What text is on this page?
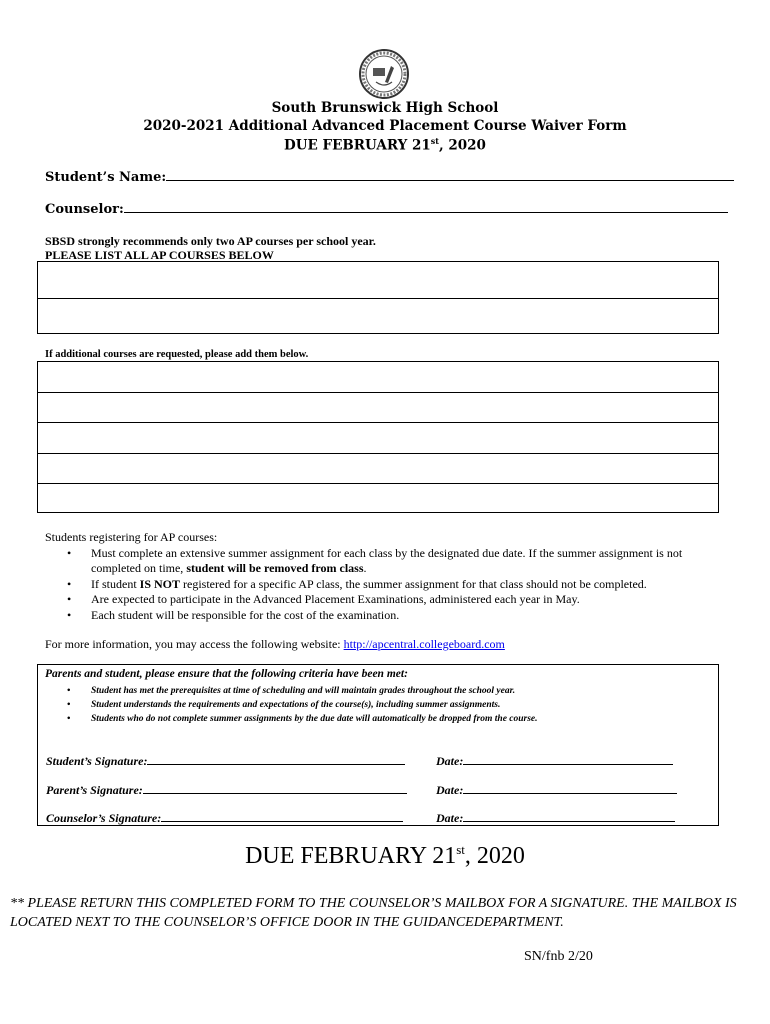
South Brunswick High School
2020-2021 Additional Advanced Placement Course Waiver Form
DUE FEBRUARY 21st, 2020
Student’s Name:
Counselor:
SBSD strongly recommends only two AP courses per school year.
PLEASE LIST ALL AP COURSES BELOW
If additional courses are requested, please add them below.
Students registering for AP courses:
• Must complete an extensive summer assignment for each class by the designated due date. If the summer assignment is not completed on time, student will be removed from class.
• If student IS NOT registered for a specific AP class, the summer assignment for that class should not be completed.
• Are expected to participate in the Advanced Placement Examinations, administered each year in May.
• Each student will be responsible for the cost of the examination.
For more information, you may access the following website: http://apcentral.collegeboard.com
Parents and student, please ensure that the following criteria have been met:
• Student has met the prerequisites at time of scheduling and will maintain grades throughout the school year.
• Student understands the requirements and expectations of the course(s), including summer assignments.
• Students who do not complete summer assignments by the due date will automatically be dropped from the course.
Student’s Signature:	Date:
Parent’s Signature:	Date:
Counselor’s Signature:	Date:
DUE FEBRUARY 21st, 2020
** PLEASE RETURN THIS COMPLETED FORM TO THE COUNSELOR’S MAILBOX FOR A SIGNATURE. THE MAILBOX IS LOCATED NEXT TO THE COUNSELOR’S OFFICE DOOR IN THE GUIDANCEDEPARTMENT.
SN/fnb 2/20
